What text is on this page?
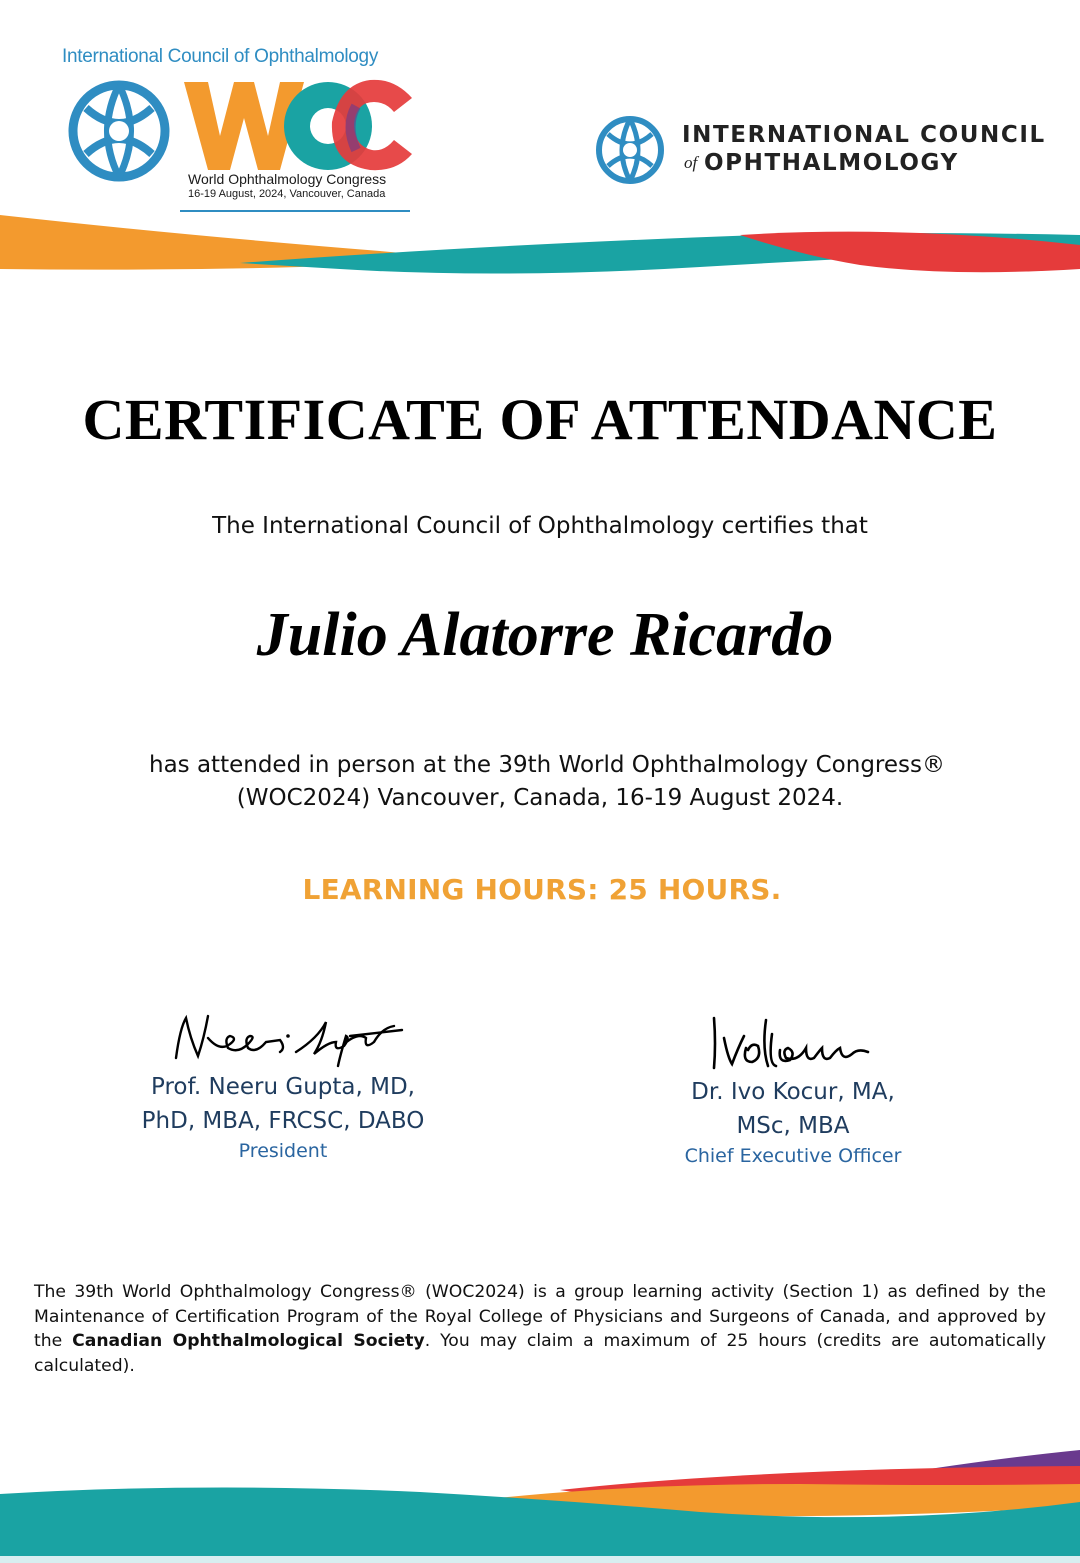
International Council of Ophthalmology
World Ophthalmology Congress
16-19 August, 2024, Vancouver, Canada
INTERNATIONAL COUNCIL
of OPHTHALMOLOGY
CERTIFICATE OF ATTENDANCE
The International Council of Ophthalmology certifies that
Julio Alatorre Ricardo
has attended in person at the 39th World Ophthalmology Congress®
(WOC2024) Vancouver, Canada, 16-19 August 2024.
LEARNING HOURS: 25 HOURS.
Prof. Neeru Gupta, MD,
PhD, MBA, FRCSC, DABO
President
Dr. Ivo Kocur, MA,
MSc, MBA
Chief Executive Officer
The 39th World Ophthalmology Congress® (WOC2024) is a group learning activity (Section 1) as defined by the Maintenance of Certification Program of the Royal College of Physicians and Surgeons of Canada, and approved by the Canadian Ophthalmological Society. You may claim a maximum of 25 hours (credits are automatically calculated).
